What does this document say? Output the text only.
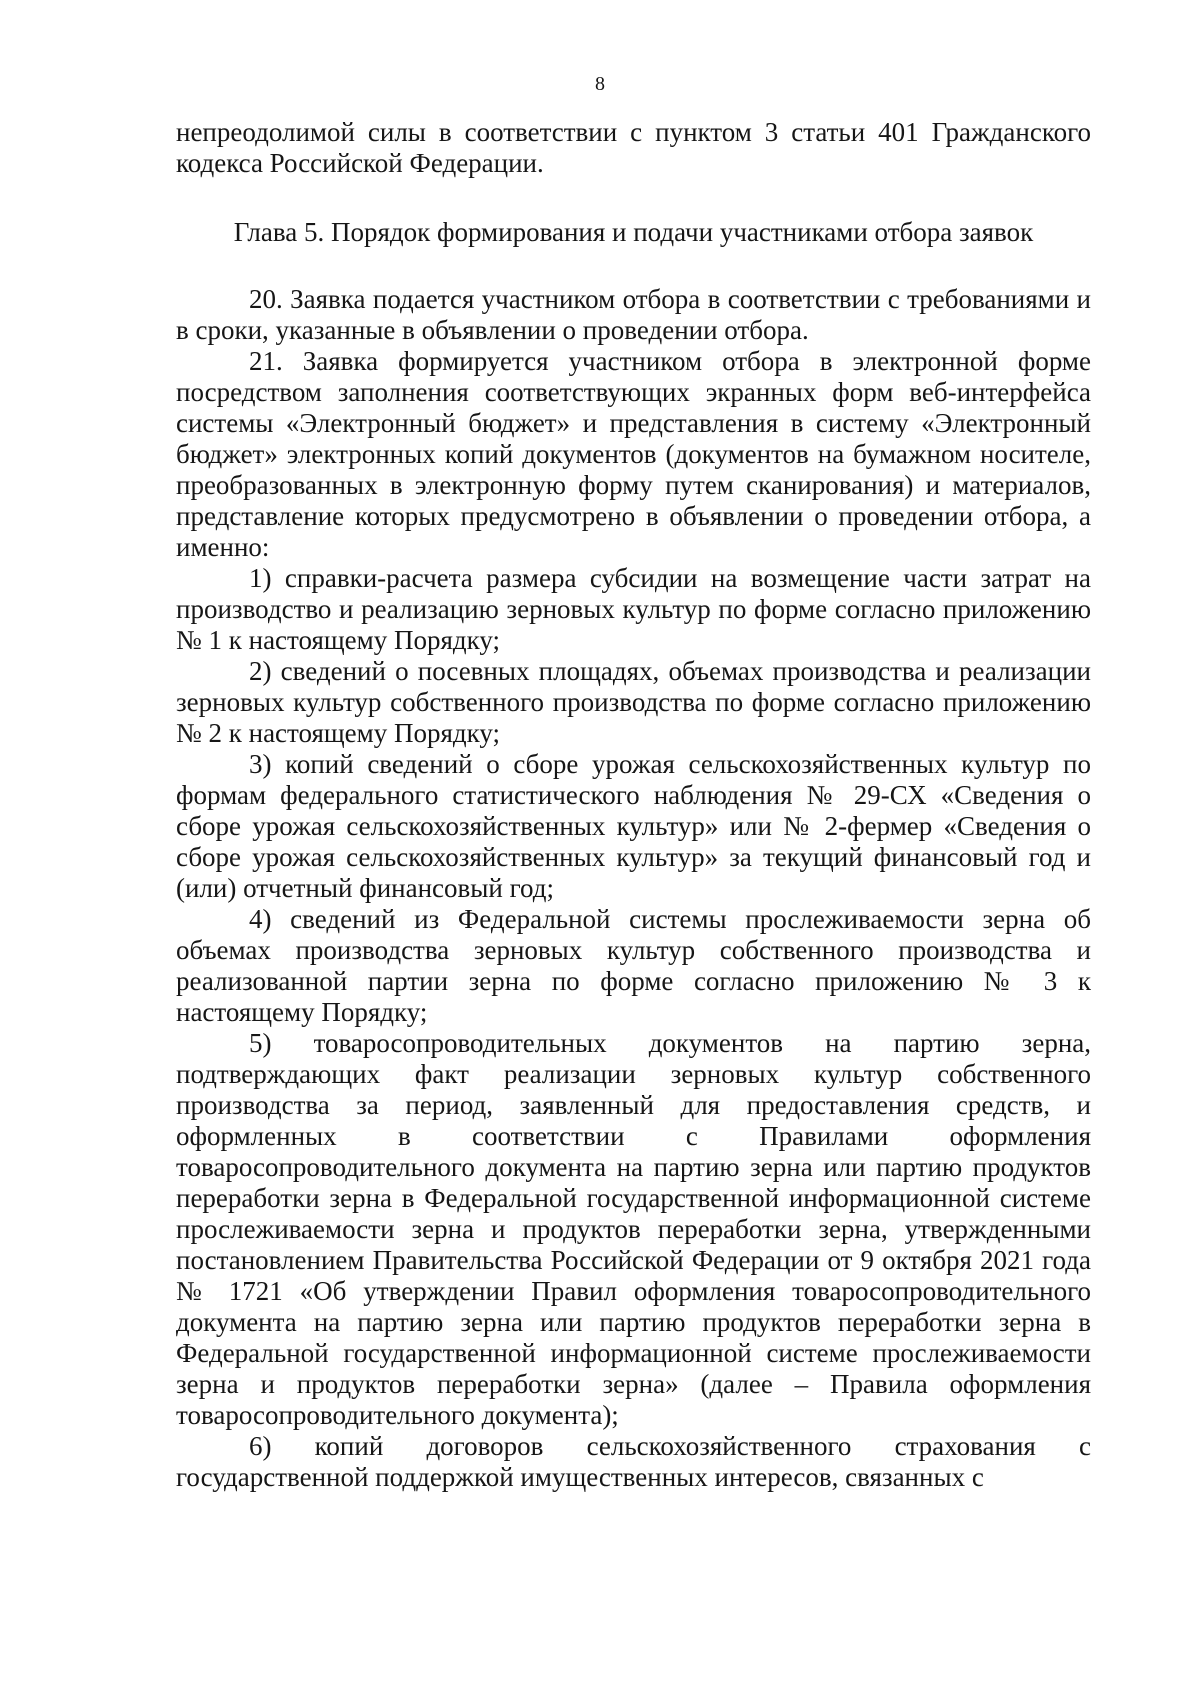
8

непреодолимой силы в соответствии с пунктом 3 статьи 401 Гражданского кодекса Российской Федерации.

Глава 5. Порядок формирования и подачи участниками отбора заявок

20. Заявка подается участником отбора в соответствии с требованиями и в сроки, указанные в объявлении о проведении отбора.

21. Заявка формируется участником отбора в электронной форме посредством заполнения соответствующих экранных форм веб-интерфейса системы «Электронный бюджет» и представления в систему «Электронный бюджет» электронных копий документов (документов на бумажном носителе, преобразованных в электронную форму путем сканирования) и материалов, представление которых предусмотрено в объявлении о проведении отбора, а именно:

1) справки-расчета размера субсидии на возмещение части затрат на производство и реализацию зерновых культур по форме согласно приложению № 1 к настоящему Порядку;

2) сведений о посевных площадях, объемах производства и реализации зерновых культур собственного производства по форме согласно приложению № 2 к настоящему Порядку;

3) копий сведений о сборе урожая сельскохозяйственных культур по формам федерального статистического наблюдения № 29-СХ «Сведения о сборе урожая сельскохозяйственных культур» или № 2-фермер «Сведения о сборе урожая сельскохозяйственных культур» за текущий финансовый год и (или) отчетный финансовый год;

4) сведений из Федеральной системы прослеживаемости зерна об объемах производства зерновых культур собственного производства и реализованной партии зерна по форме согласно приложению № 3 к настоящему Порядку;

5) товаросопроводительных документов на партию зерна, подтверждающих факт реализации зерновых культур собственного производства за период, заявленный для предоставления средств, и оформленных в соответствии с Правилами оформления товаросопроводительного документа на партию зерна или партию продуктов переработки зерна в Федеральной государственной информационной системе прослеживаемости зерна и продуктов переработки зерна, утвержденными постановлением Правительства Российской Федерации от 9 октября 2021 года № 1721 «Об утверждении Правил оформления товаросопроводительного документа на партию зерна или партию продуктов переработки зерна в Федеральной государственной информационной системе прослеживаемости зерна и продуктов переработки зерна» (далее – Правила оформления товаросопроводительного документа);

6) копий договоров сельскохозяйственного страхования с государственной поддержкой имущественных интересов, связанных с
